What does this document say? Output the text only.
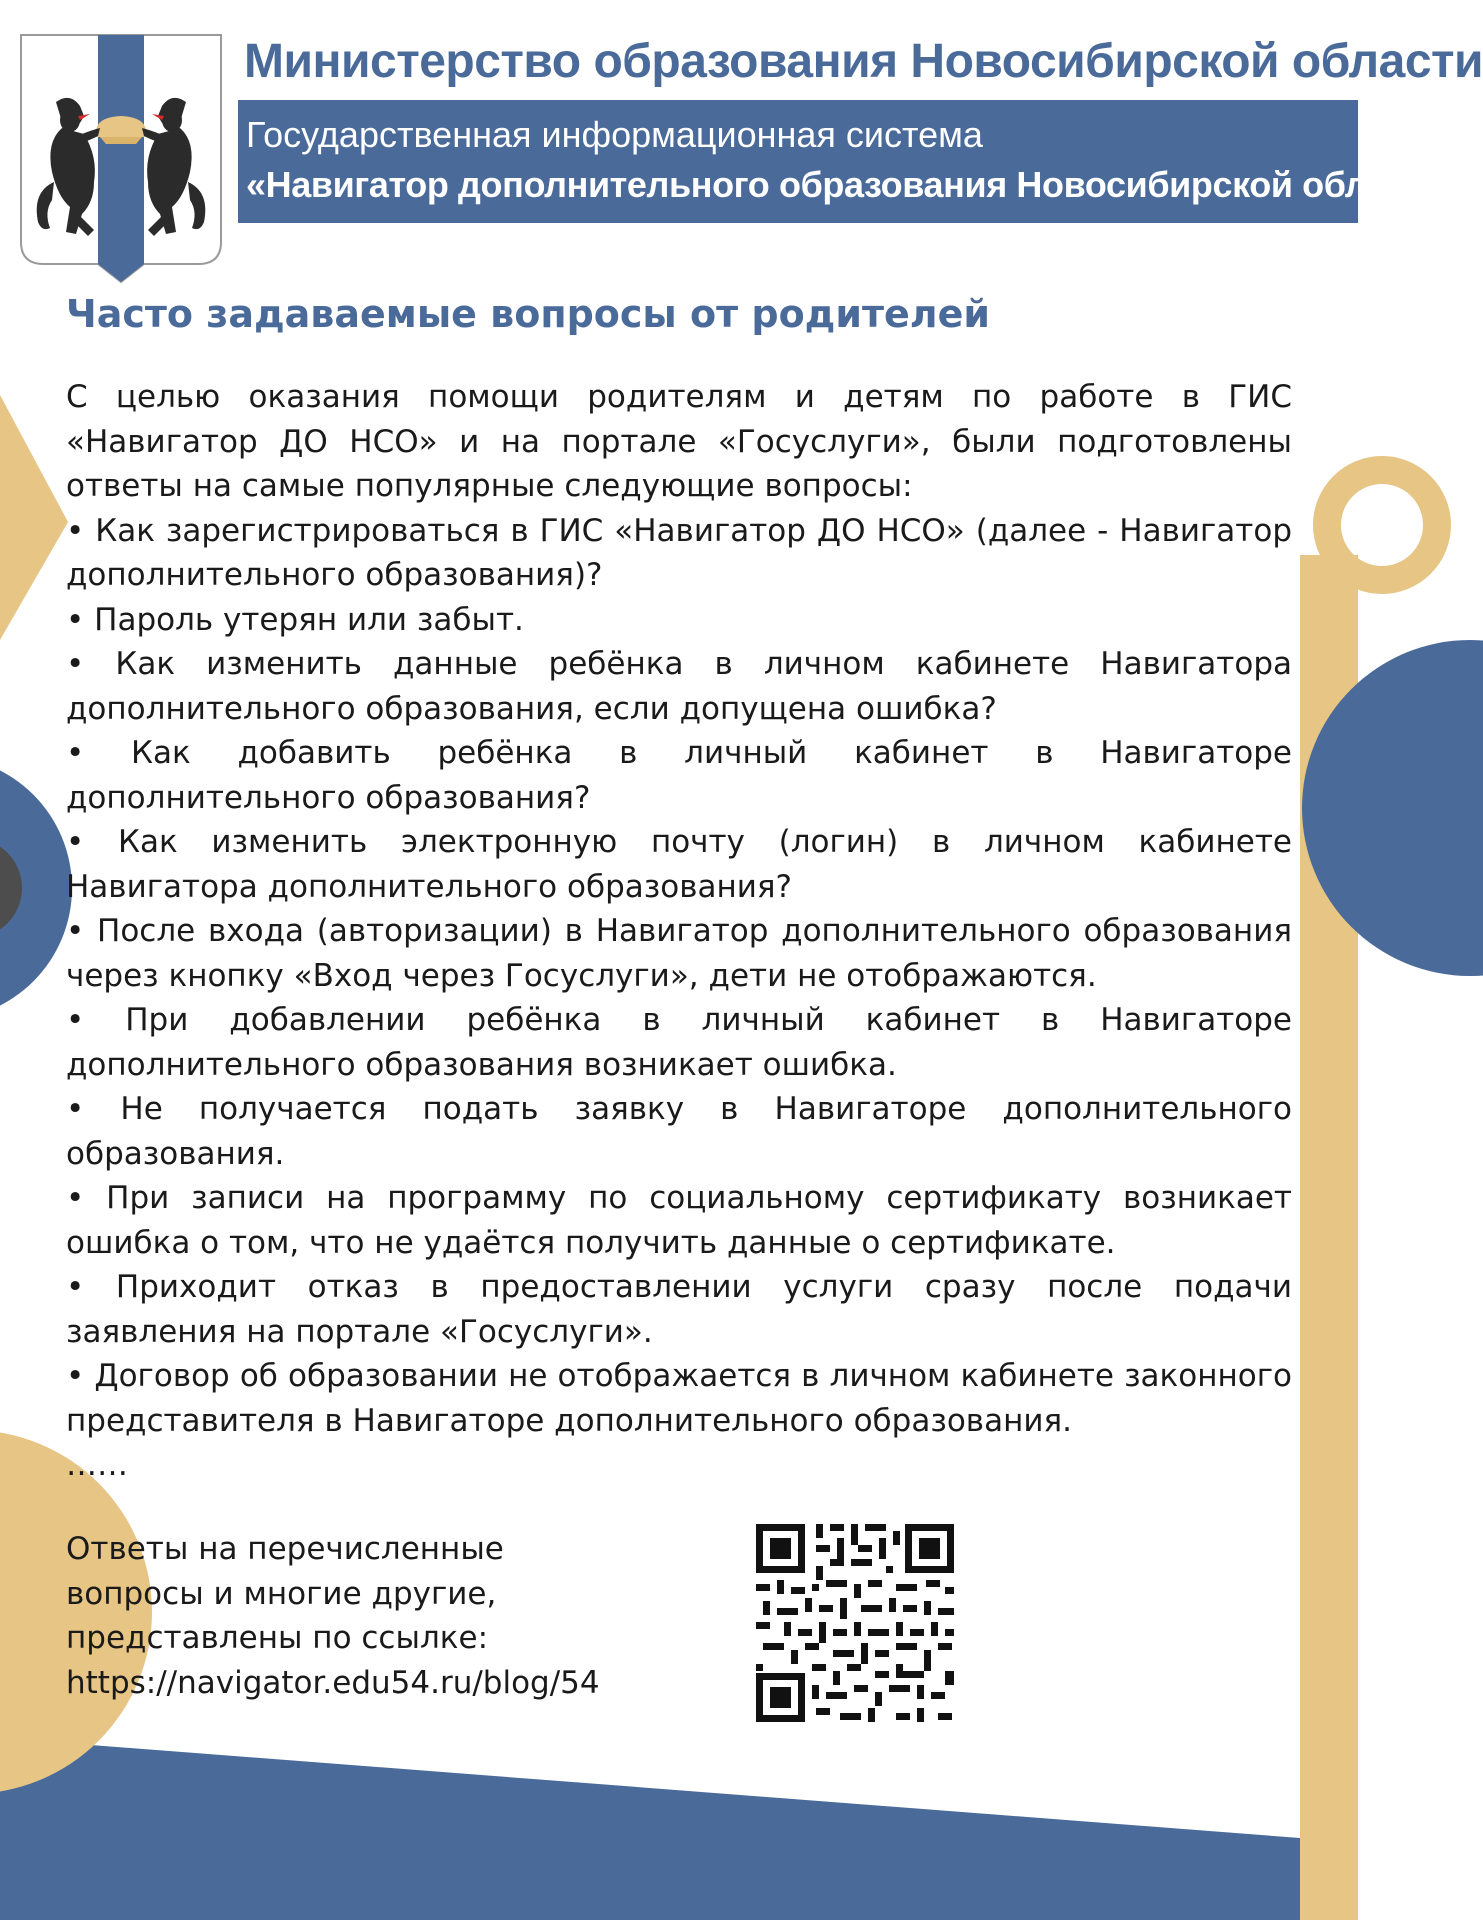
Министерство образования Новосибирской области
Государственная информационная система
«Навигатор дополнительного образования Новосибирской области»
Часто задаваемые вопросы от родителей

С целью оказания помощи родителям и детям по работе в ГИС «Навигатор ДО НСО» и на портале «Госуслуги», были подготовлены ответы на самые популярные следующие вопросы:

• Как зарегистрироваться в ГИС «Навигатор ДО НСО» (далее - Навигатор дополнительного образования)?

• Пароль утерян или забыт.

• Как изменить данные ребёнка в личном кабинете Навигатора дополнительного образования, если допущена ошибка?

• Как добавить ребёнка в личный кабинет в Навигаторе дополнительного образования?

• Как изменить электронную почту (логин) в личном кабинете Навигатора дополнительного образования?

• После входа (авторизации) в Навигатор дополнительного образования через кнопку «Вход через Госуслуги», дети не отображаются.

• При добавлении ребёнка в личный кабинет в Навигаторе дополнительного образования возникает ошибка.

• Не получается подать заявку в Навигаторе дополнительного образования.

• При записи на программу по социальному сертификату возникает ошибка о том, что не удаётся получить данные о сертификате.

• Приходит отказ в предоставлении услуги сразу после подачи заявления на портале «Госуслуги».

• Договор об образовании не отображается в личном кабинете законного представителя в Навигаторе дополнительного образования.

……

Ответы на перечисленные
вопросы и многие другие,
представлены по ссылке:
https://navigator.edu54.ru/blog/54
